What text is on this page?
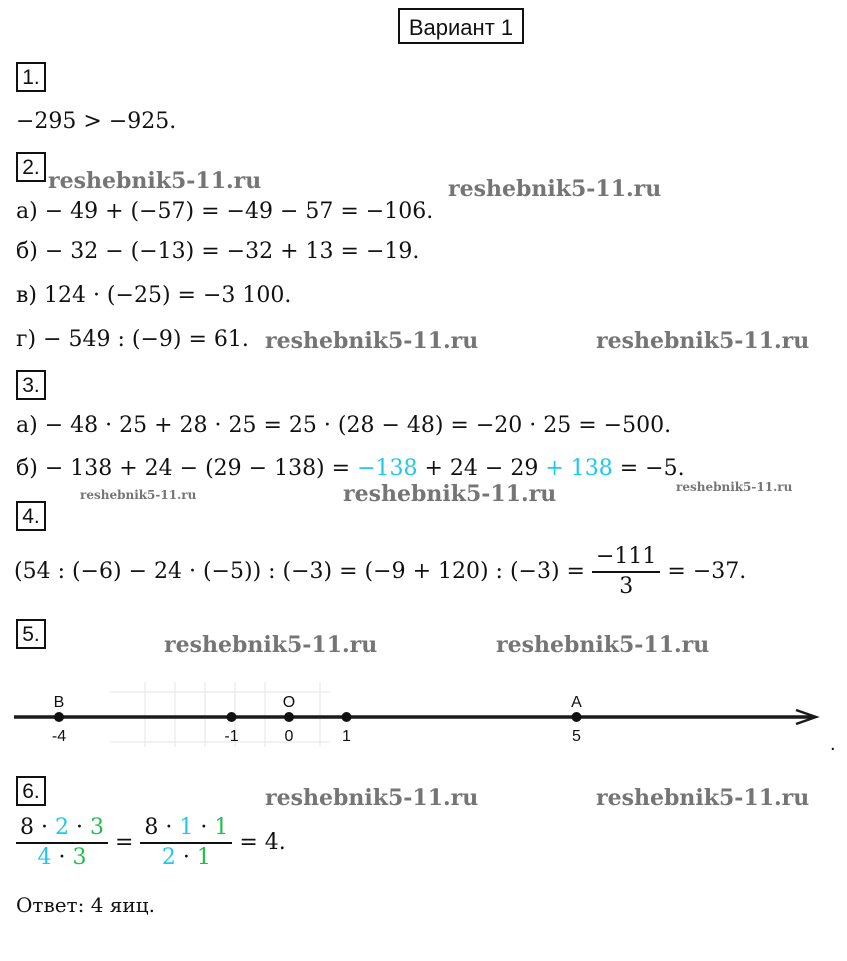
Вариант 1
1.
−295 > −925.
2.
а) − 49 + (−57) = −49 − 57 = −106.
б) − 32 − (−13) = −32 + 13 = −19.
в) 124 · (−25) = −3 100.
г) − 549 : (−9) = 61.
3.
а) − 48 · 25 + 28 · 25 = 25 · (28 − 48) = −20 · 25 = −500.
б) − 138 + 24 − (29 − 138) = −138 + 24 − 29 + 138 = −5.
4.
(54 : (−6) − 24 · (−5)) : (−3) = (−9 + 120) : $(-3) = \frac{-111}{3} = -37$.
5.
-4
B
-1	0
O
1	5
A
.
6.
$\frac{8 \cdot 2 \cdot 3}{4 \cdot 3} = \frac{8 \cdot 1 \cdot 1}{2 \cdot 1} = 4$.
Ответ: 4 яиц.
reshebnik5-11.ru	reshebnik5-11.ru
reshebnik5-11.ru	reshebnik5-11.ru
reshebnik5-11.ru	reshebnik5-11.ru	reshebnik5-11.ru
reshebnik5-11.ru	reshebnik5-11.ru
reshebnik5-11.ru	reshebnik5-11.ru
